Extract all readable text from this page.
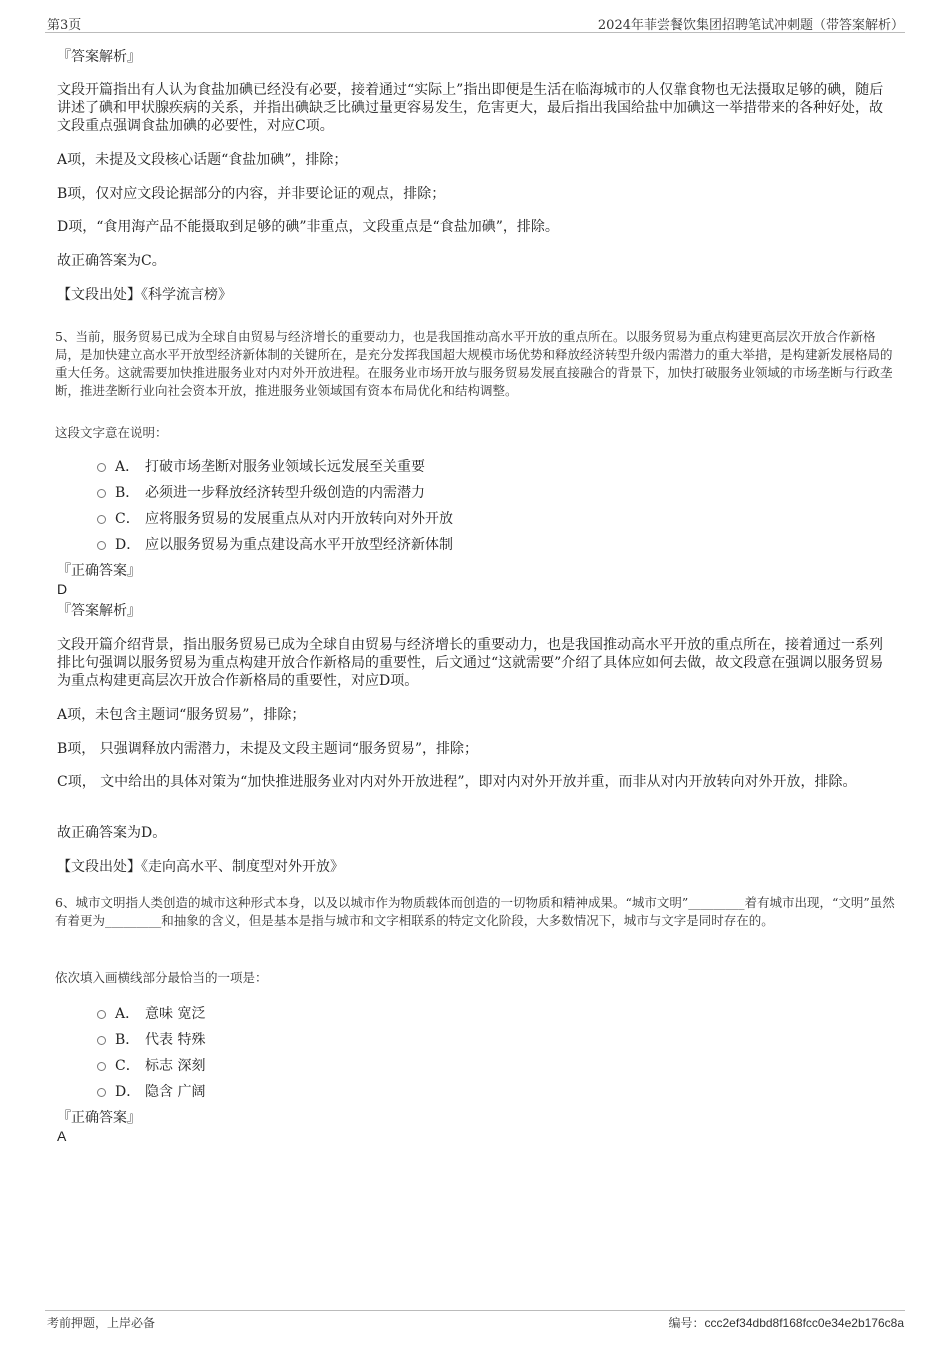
第3页	2024年菲尝餐饮集团招聘笔试冲刺题（带答案解析）
『答案解析』
文段开篇指出有人认为食盐加碘已经没有必要，接着通过“实际上”指出即便是生活在临海城市的人仅靠食物也无法摄取足够的碘，随后讲述了碘和甲状腺疾病的关系，并指出碘缺乏比碘过量更容易发生，危害更大，最后指出我国给盐中加碘这一举措带来的各种好处，故文段重点强调食盐加碘的必要性，对应C项。
A项，未提及文段核心话题“食盐加碘”，排除；
B项，仅对应文段论据部分的内容，并非要论证的观点，排除；
D项，“食用海产品不能摄取到足够的碘”非重点，文段重点是“食盐加碘”，排除。
故正确答案为C。
【文段出处】《科学流言榜》
5、当前，服务贸易已成为全球自由贸易与经济增长的重要动力，也是我国推动高水平开放的重点所在。以服务贸易为重点构建更高层次开放合作新格局，是加快建立高水平开放型经济新体制的关键所在，是充分发挥我国超大规模市场优势和释放经济转型升级内需潜力的重大举措，是构建新发展格局的重大任务。这就需要加快推进服务业对内对外开放进程。在服务业市场开放与服务贸易发展直接融合的背景下，加快打破服务业领域的市场垄断与行政垄断，推进垄断行业向社会资本开放，推进服务业领域国有资本布局优化和结构调整。
这段文字意在说明：
A． 打破市场垄断对服务业领域长远发展至关重要
B． 必须进一步释放经济转型升级创造的内需潜力
C． 应将服务贸易的发展重点从对内开放转向对外开放
D． 应以服务贸易为重点建设高水平开放型经济新体制
『正确答案』
D
『答案解析』
文段开篇介绍背景，指出服务贸易已成为全球自由贸易与经济增长的重要动力，也是我国推动高水平开放的重点所在，接着通过一系列排比句强调以服务贸易为重点构建开放合作新格局的重要性，后文通过“这就需要”介绍了具体应如何去做，故文段意在强调以服务贸易为重点构建更高层次开放合作新格局的重要性，对应D项。
A项，未包含主题词“服务贸易”，排除；
B项， 只强调释放内需潜力，未提及文段主题词“服务贸易”，排除；
C项， 文中给出的具体对策为“加快推进服务业对内对外开放进程”，即对内对外开放并重，而非从对内开放转向对外开放，排除。
故正确答案为D。
【文段出处】《走向高水平、制度型对外开放》
6、城市文明指人类创造的城市这种形式本身，以及以城市作为物质载体而创造的一切物质和精神成果。“城市文明”_________着有城市出现，“文明”虽然有着更为_________和抽象的含义，但是基本是指与城市和文字相联系的特定文化阶段，大多数情况下，城市与文字是同时存在的。
依次填入画横线部分最恰当的一项是：
A． 意味 宽泛
B． 代表 特殊
C． 标志 深刻
D． 隐含 广阔
『正确答案』
A
考前押题，上岸必备	编号：ccc2ef34dbd8f168fcc0e34e2b176c8a
